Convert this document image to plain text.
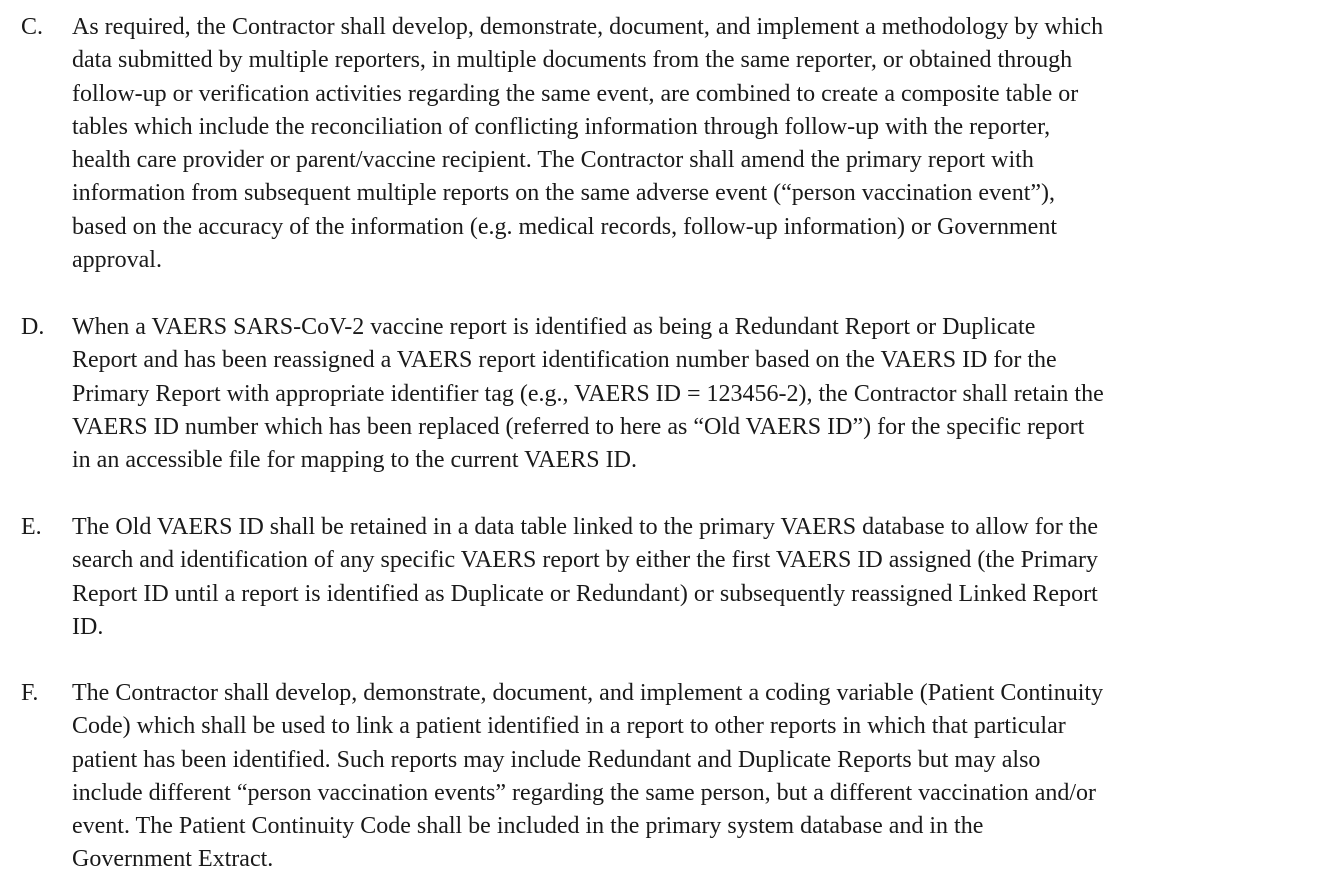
C. As required, the Contractor shall develop, demonstrate, document, and implement a methodology by which
data submitted by multiple reporters, in multiple documents from the same reporter, or obtained through
follow-up or verification activities regarding the same event, are combined to create a composite table or
tables which include the reconciliation of conflicting information through follow-up with the reporter,
health care provider or parent/vaccine recipient. The Contractor shall amend the primary report with
information from subsequent multiple reports on the same adverse event (“person vaccination event”),
based on the accuracy of the information (e.g. medical records, follow-up information) or Government
approval.
D. When a VAERS SARS-CoV-2 vaccine report is identified as being a Redundant Report or Duplicate
Report and has been reassigned a VAERS report identification number based on the VAERS ID for the
Primary Report with appropriate identifier tag (e.g., VAERS ID = 123456-2), the Contractor shall retain the
VAERS ID number which has been replaced (referred to here as “Old VAERS ID”) for the specific report
in an accessible file for mapping to the current VAERS ID.
E. The Old VAERS ID shall be retained in a data table linked to the primary VAERS database to allow for the
search and identification of any specific VAERS report by either the first VAERS ID assigned (the Primary
Report ID until a report is identified as Duplicate or Redundant) or subsequently reassigned Linked Report
ID.
F. The Contractor shall develop, demonstrate, document, and implement a coding variable (Patient Continuity
Code) which shall be used to link a patient identified in a report to other reports in which that particular
patient has been identified. Such reports may include Redundant and Duplicate Reports but may also
include different “person vaccination events” regarding the same person, but a different vaccination and/or
event. The Patient Continuity Code shall be included in the primary system database and in the
Government Extract.
